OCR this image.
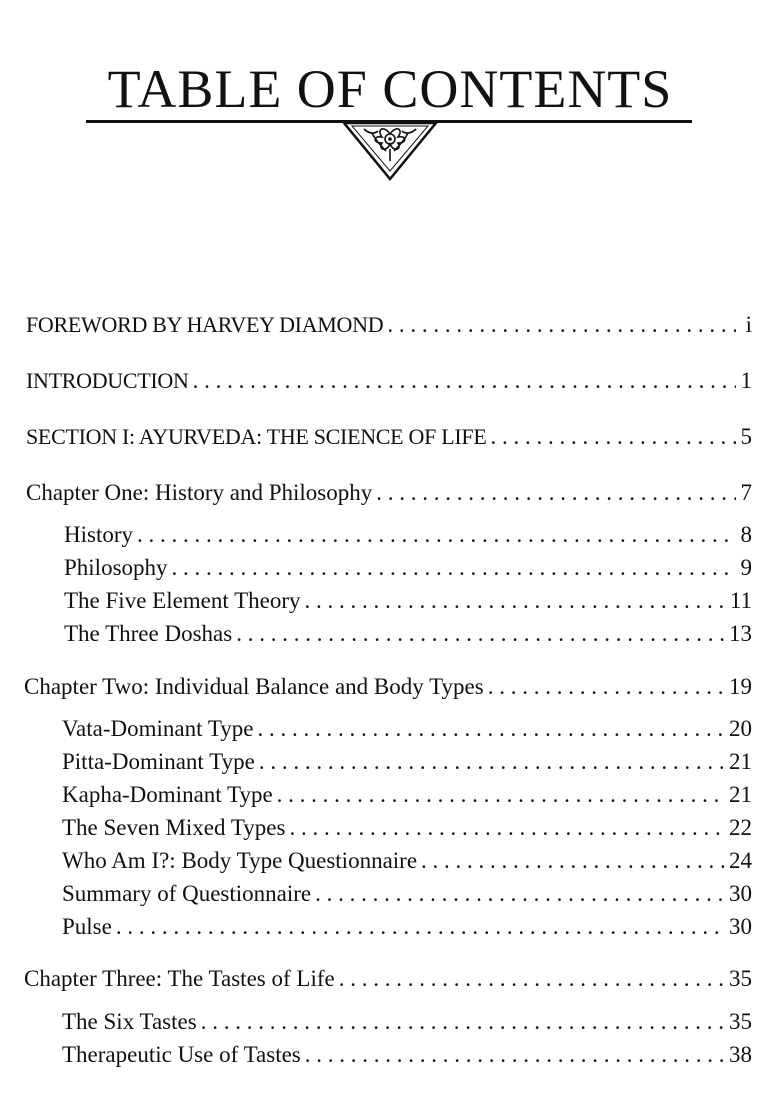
TABLE OF CONTENTS
FOREWORD BY HARVEY DIAMOND . . .	i
INTRODUCTION . . .	1
SECTION I: AYURVEDA: THE SCIENCE OF LIFE . . .	5
Chapter One: History and Philosophy . . .	7
History . . .	8
Philosophy . . .	9
The Five Element Theory . . .	11
The Three Doshas . . .	13
Chapter Two: Individual Balance and Body Types . . .	19
Vata-Dominant Type . . .	20
Pitta-Dominant Type . . .	21
Kapha-Dominant Type . . .	21
The Seven Mixed Types . . .	22
Who Am I?: Body Type Questionnaire . . .	24
Summary of Questionnaire . . .	30
Pulse . . .	30
Chapter Three: The Tastes of Life . . .	35
The Six Tastes . . .	35
Therapeutic Use of Tastes . . .	38
